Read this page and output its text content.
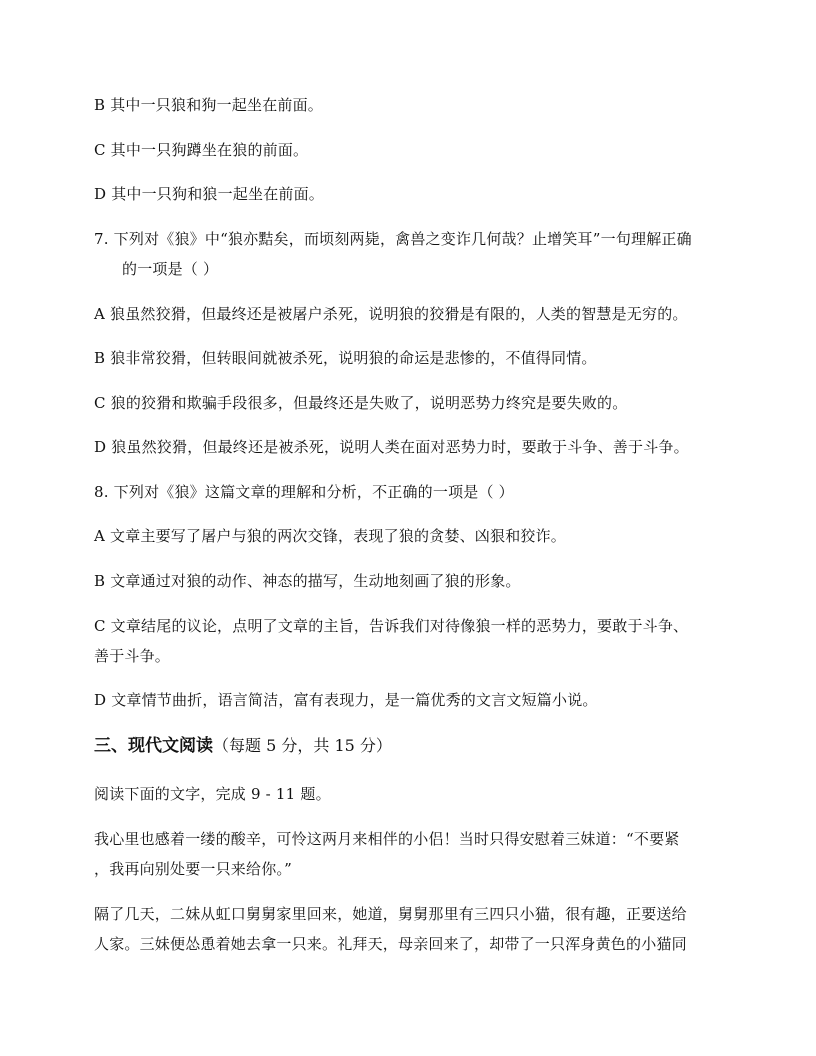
B 其中一只狼和狗一起坐在前面。
C 其中一只狗蹲坐在狼的前面。
D 其中一只狗和狼一起坐在前面。
7. 下列对《狼》中“狼亦黠矣，而顷刻两毙，禽兽之变诈几何哉？止增笑耳”一句理解正确
的一项是（ ）
A 狼虽然狡猾，但最终还是被屠户杀死，说明狼的狡猾是有限的，人类的智慧是无穷的。
B 狼非常狡猾，但转眼间就被杀死，说明狼的命运是悲惨的，不值得同情。
C 狼的狡猾和欺骗手段很多，但最终还是失败了，说明恶势力终究是要失败的。
D 狼虽然狡猾，但最终还是被杀死，说明人类在面对恶势力时，要敢于斗争、善于斗争。
8. 下列对《狼》这篇文章的理解和分析，不正确的一项是（ ）
A 文章主要写了屠户与狼的两次交锋，表现了狼的贪婪、凶狠和狡诈。
B 文章通过对狼的动作、神态的描写，生动地刻画了狼的形象。
C 文章结尾的议论，点明了文章的主旨，告诉我们对待像狼一样的恶势力，要敢于斗争、
善于斗争。
D 文章情节曲折，语言简洁，富有表现力，是一篇优秀的文言文短篇小说。
三、现代文阅读（每题 5 分，共 15 分）
阅读下面的文字，完成 9 - 11 题。
我心里也感着一缕的酸辛，可怜这两月来相伴的小侣！当时只得安慰着三妹道：“不要紧
，我再向别处要一只来给你。”
隔了几天，二妹从虹口舅舅家里回来，她道，舅舅那里有三四只小猫，很有趣，正要送给
人家。三妹便怂恿着她去拿一只来。礼拜天，母亲回来了，却带了一只浑身黄色的小猫同
